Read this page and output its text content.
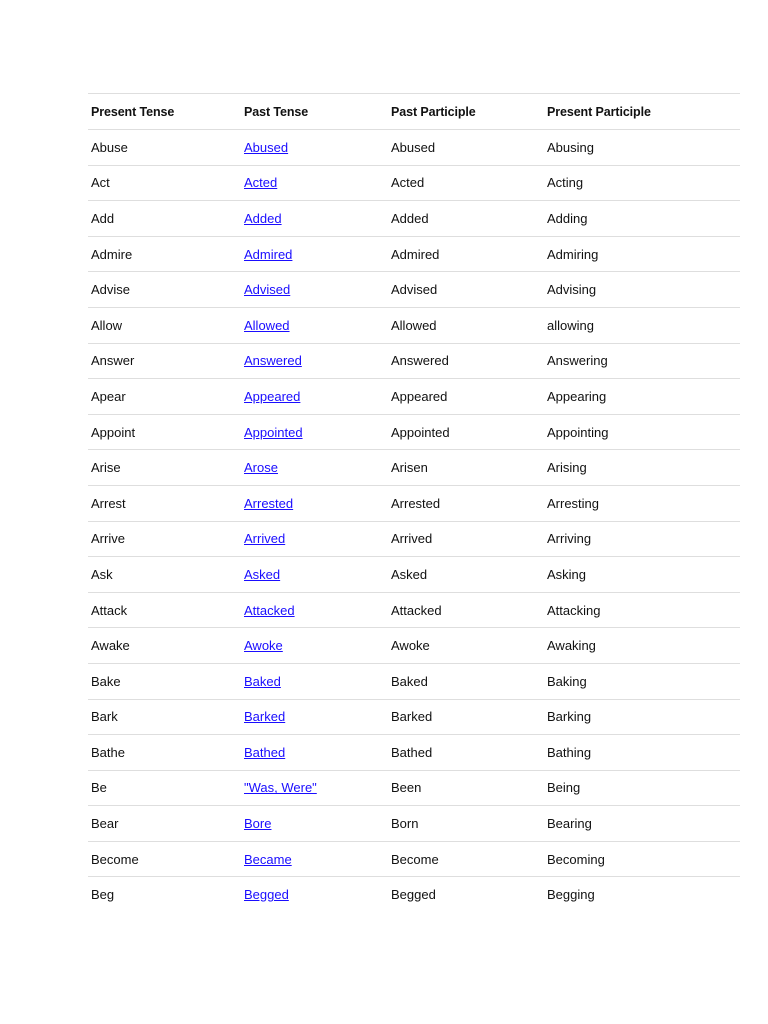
Present Tense	Past Tense	Past Participle	Present Participle
Abuse	Abused	Abused	Abusing
Act	Acted	Acted	Acting
Add	Added	Added	Adding
Admire	Admired	Admired	Admiring
Advise	Advised	Advised	Advising
Allow	Allowed	Allowed	allowing
Answer	Answered	Answered	Answering
Apear	Appeared	Appeared	Appearing
Appoint	Appointed	Appointed	Appointing
Arise	Arose	Arisen	Arising
Arrest	Arrested	Arrested	Arresting
Arrive	Arrived	Arrived	Arriving
Ask	Asked	Asked	Asking
Attack	Attacked	Attacked	Attacking
Awake	Awoke	Awoke	Awaking
Bake	Baked	Baked	Baking
Bark	Barked	Barked	Barking
Bathe	Bathed	Bathed	Bathing
Be	"Was, Were"	Been	Being
Bear	Bore	Born	Bearing
Become	Became	Become	Becoming
Beg	Begged	Begged	Begging
